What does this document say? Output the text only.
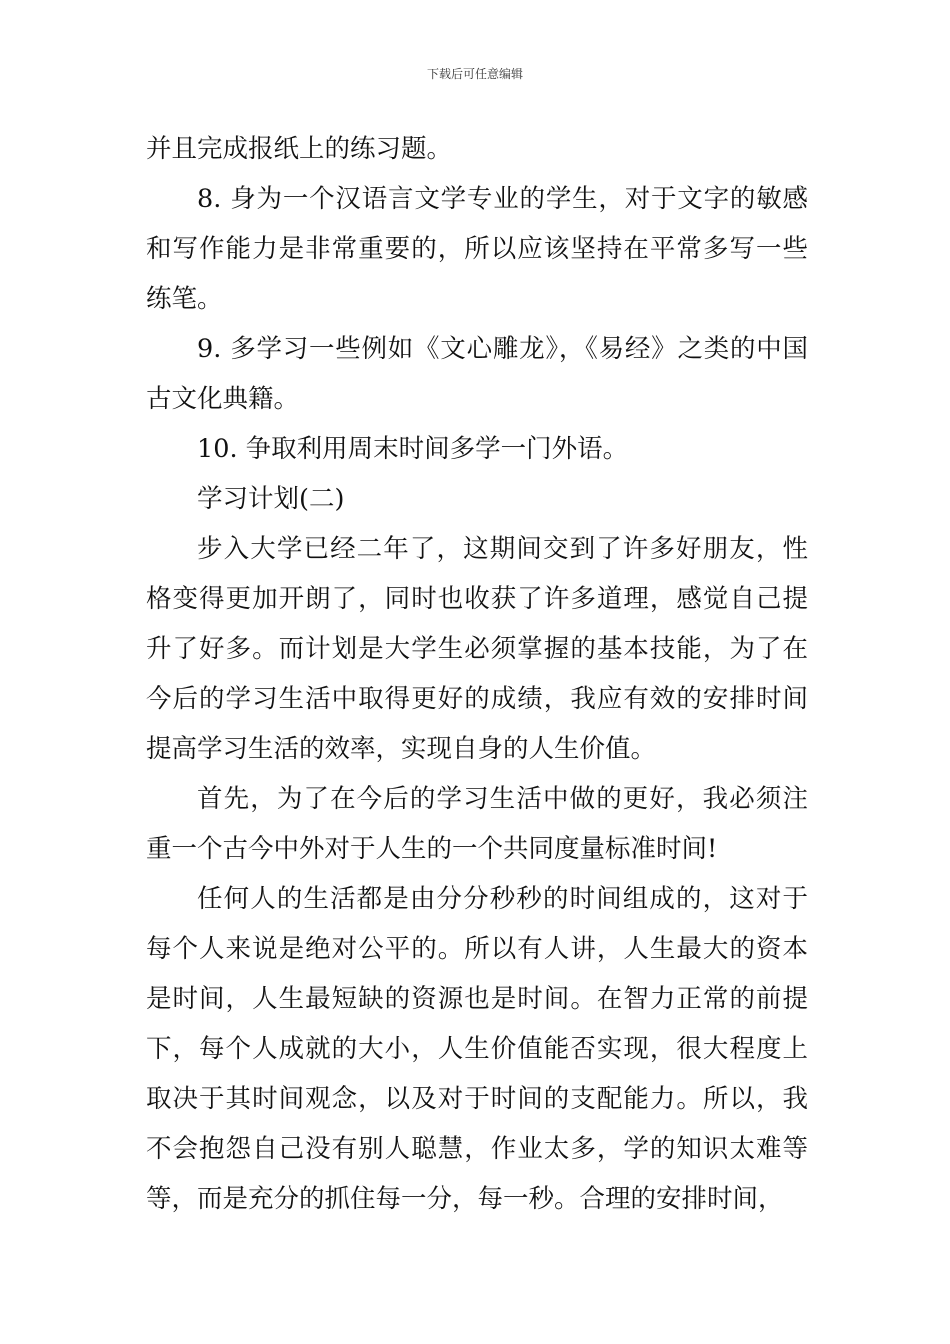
下载后可任意编辑

并且完成报纸上的练习题。

8. 身为一个汉语言文学专业的学生，对于文字的敏感和写作能力是非常重要的，所以应该坚持在平常多写一些练笔。

9. 多学习一些例如《文心雕龙》，《易经》之类的中国古文化典籍。

10. 争取利用周末时间多学一门外语。

学习计划(二)

步入大学已经二年了，这期间交到了许多好朋友，性格变得更加开朗了，同时也收获了许多道理，感觉自己提升了好多。而计划是大学生必须掌握的基本技能，为了在今后的学习生活中取得更好的成绩，我应有效的安排时间提高学习生活的效率，实现自身的人生价值。

首先，为了在今后的学习生活中做的更好，我必须注重一个古今中外对于人生的一个共同度量标准时间!

任何人的生活都是由分分秒秒的时间组成的，这对于每个人来说是绝对公平的。所以有人讲，人生最大的资本是时间，人生最短缺的资源也是时间。在智力正常的前提下，每个人成就的大小，人生价值能否实现，很大程度上取决于其时间观念，以及对于时间的支配能力。所以，我不会抱怨自己没有别人聪慧，作业太多，学的知识太难等等，而是充分的抓住每一分，每一秒。合理的安排时间，
